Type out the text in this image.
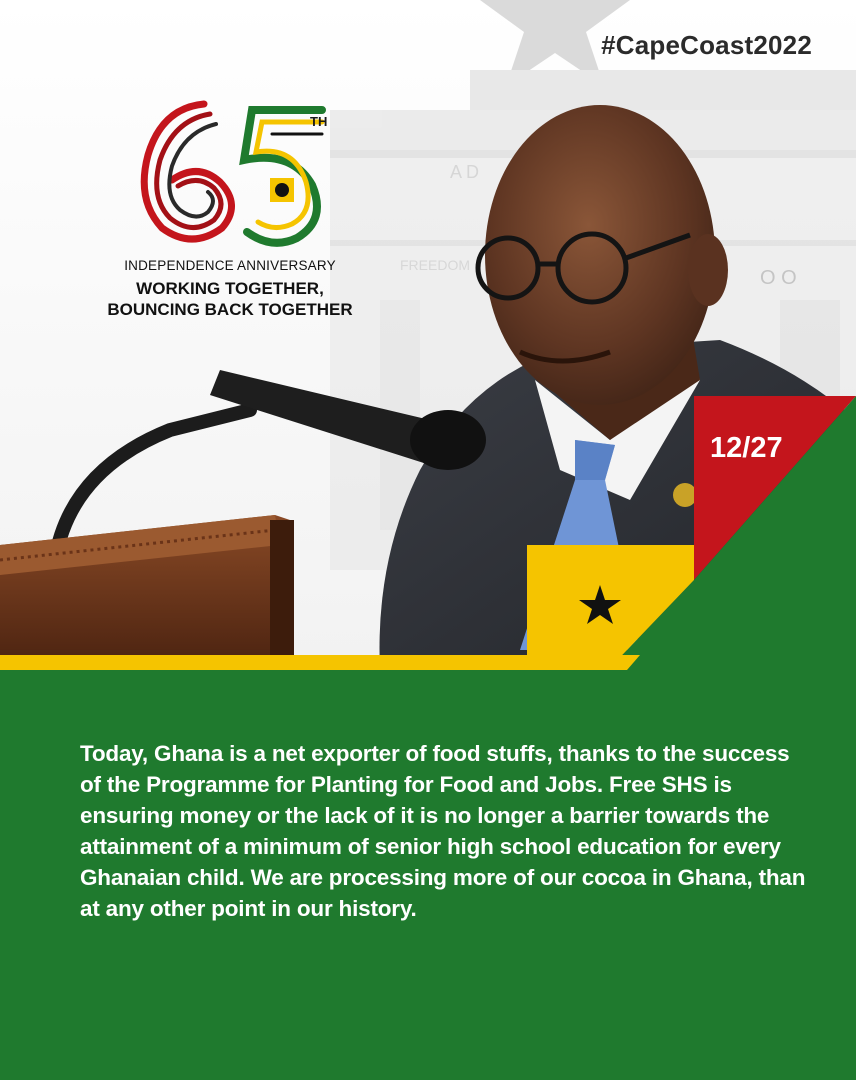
A D
FREEDOM
O O
#CapeCoast2022
TH
INDEPENDENCE ANNIVERSARY
WORKING TOGETHER,
BOUNCING BACK TOGETHER
12/27
Today, Ghana is a net exporter of food stuffs, thanks to the success of the Programme for Planting for Food and Jobs. Free SHS is ensuring money or the lack of it is no longer a barrier towards the attainment of a minimum of senior high school education for every Ghanaian child. We are processing more of our cocoa in Ghana, than at any other point in our history.
